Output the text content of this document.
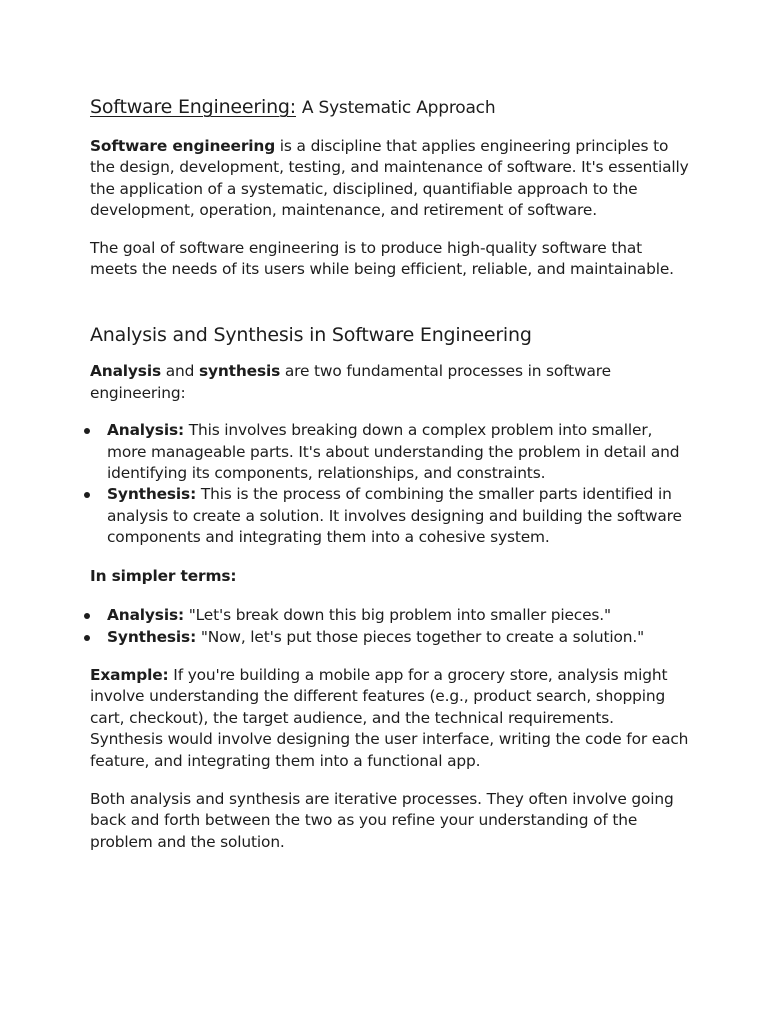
Software Engineering: A Systematic Approach

Software engineering is a discipline that applies engineering principles to the design, development, testing, and maintenance of software. It's essentially the application of a systematic, disciplined, quantifiable approach to the development, operation, maintenance, and retirement of software.

The goal of software engineering is to produce high-quality software that meets the needs of its users while being efficient, reliable, and maintainable.

Analysis and Synthesis in Software Engineering

Analysis and synthesis are two fundamental processes in software engineering:

Analysis: This involves breaking down a complex problem into smaller, more manageable parts. It's about understanding the problem in detail and identifying its components, relationships, and constraints.
Synthesis: This is the process of combining the smaller parts identified in analysis to create a solution. It involves designing and building the software components and integrating them into a cohesive system.

In simpler terms:

Analysis: "Let's break down this big problem into smaller pieces."
Synthesis: "Now, let's put those pieces together to create a solution."

Example: If you're building a mobile app for a grocery store, analysis might involve understanding the different features (e.g., product search, shopping cart, checkout), the target audience, and the technical requirements. Synthesis would involve designing the user interface, writing the code for each feature, and integrating them into a functional app.

Both analysis and synthesis are iterative processes. They often involve going back and forth between the two as you refine your understanding of the problem and the solution.
